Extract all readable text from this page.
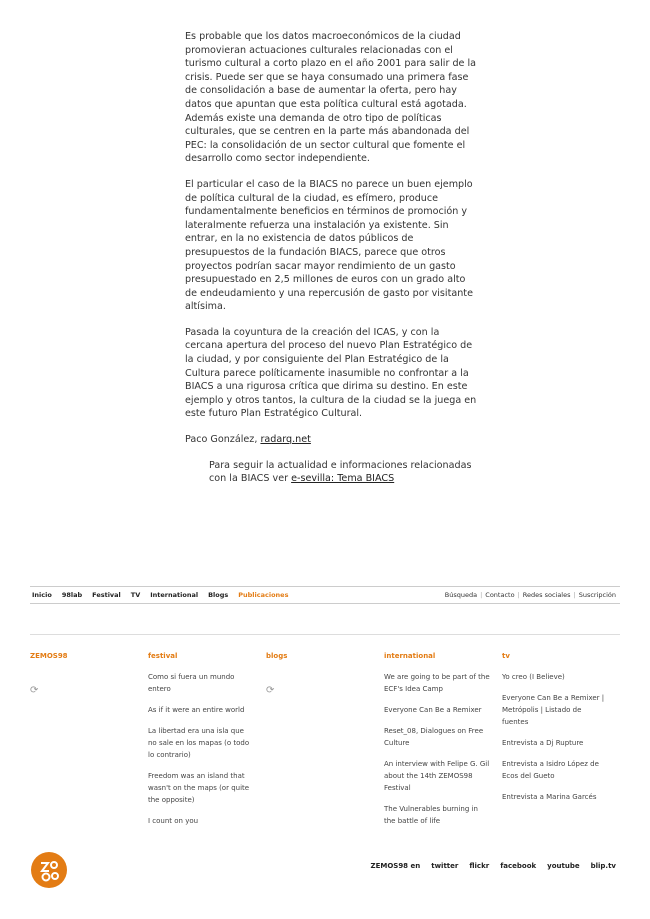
Es probable que los datos macroeconómicos de la ciudad promovieran actuaciones culturales relacionadas con el turismo cultural a corto plazo en el año 2001 para salir de la crisis. Puede ser que se haya consumado una primera fase de consolidación a base de aumentar la oferta, pero hay datos que apuntan que esta política cultural está agotada. Además existe una demanda de otro tipo de políticas culturales, que se centren en la parte más abandonada del PEC: la consolidación de un sector cultural que fomente el desarrollo como sector independiente.

El particular el caso de la BIACS no parece un buen ejemplo de política cultural de la ciudad, es efímero, produce fundamentalmente beneficios en términos de promoción y lateralmente refuerza una instalación ya existente. Sin entrar, en la no existencia de datos públicos de presupuestos de la fundación BIACS, parece que otros proyectos podrían sacar mayor rendimiento de un gasto presupuestado en 2,5 millones de euros con un grado alto de endeudamiento y una repercusión de gasto por visitante altísima.

Pasada la coyuntura de la creación del ICAS, y con la cercana apertura del proceso del nuevo Plan Estratégico de la ciudad, y por consiguiente del Plan Estratégico de la Cultura parece políticamente inasumible no confrontar a la BIACS a una rigurosa crítica que dirima su destino. En este ejemplo y otros tantos, la cultura de la ciudad se la juega en este futuro Plan Estratégico Cultural.

Paco González, radarq.net

Para seguir la actualidad e informaciones relacionadas con la BIACS ver e-sevilla: Tema BIACS

Inicio 98lab Festival TV International Blogs Publicaciones	Búsqueda | Contacto | Redes sociales | Suscripción
ZEMOS98
⟳
festival
Como si fuera un mundo entero
As if it were an entire world
La libertad era una isla que no sale en los mapas (o todo lo contrario)
Freedom was an island that wasn't on the maps (or quite the opposite)
I count on you
blogs
⟳
international
We are going to be part of the ECF's Idea Camp
Everyone Can Be a Remixer
Reset_08, Dialogues on Free Culture
An interview with Felipe G. Gil about the 14th ZEMOS98 Festival
The Vulnerables burning in the battle of life
tv
Yo creo (I Believe)
Everyone Can Be a Remixer | Metrópolis | Listado de fuentes
Entrevista a Dj Rupture
Entrevista a Isidro López de Ecos del Gueto
Entrevista a Marina Garcés
ZEMOS98 en twitter flickr facebook youtube blip.tv
